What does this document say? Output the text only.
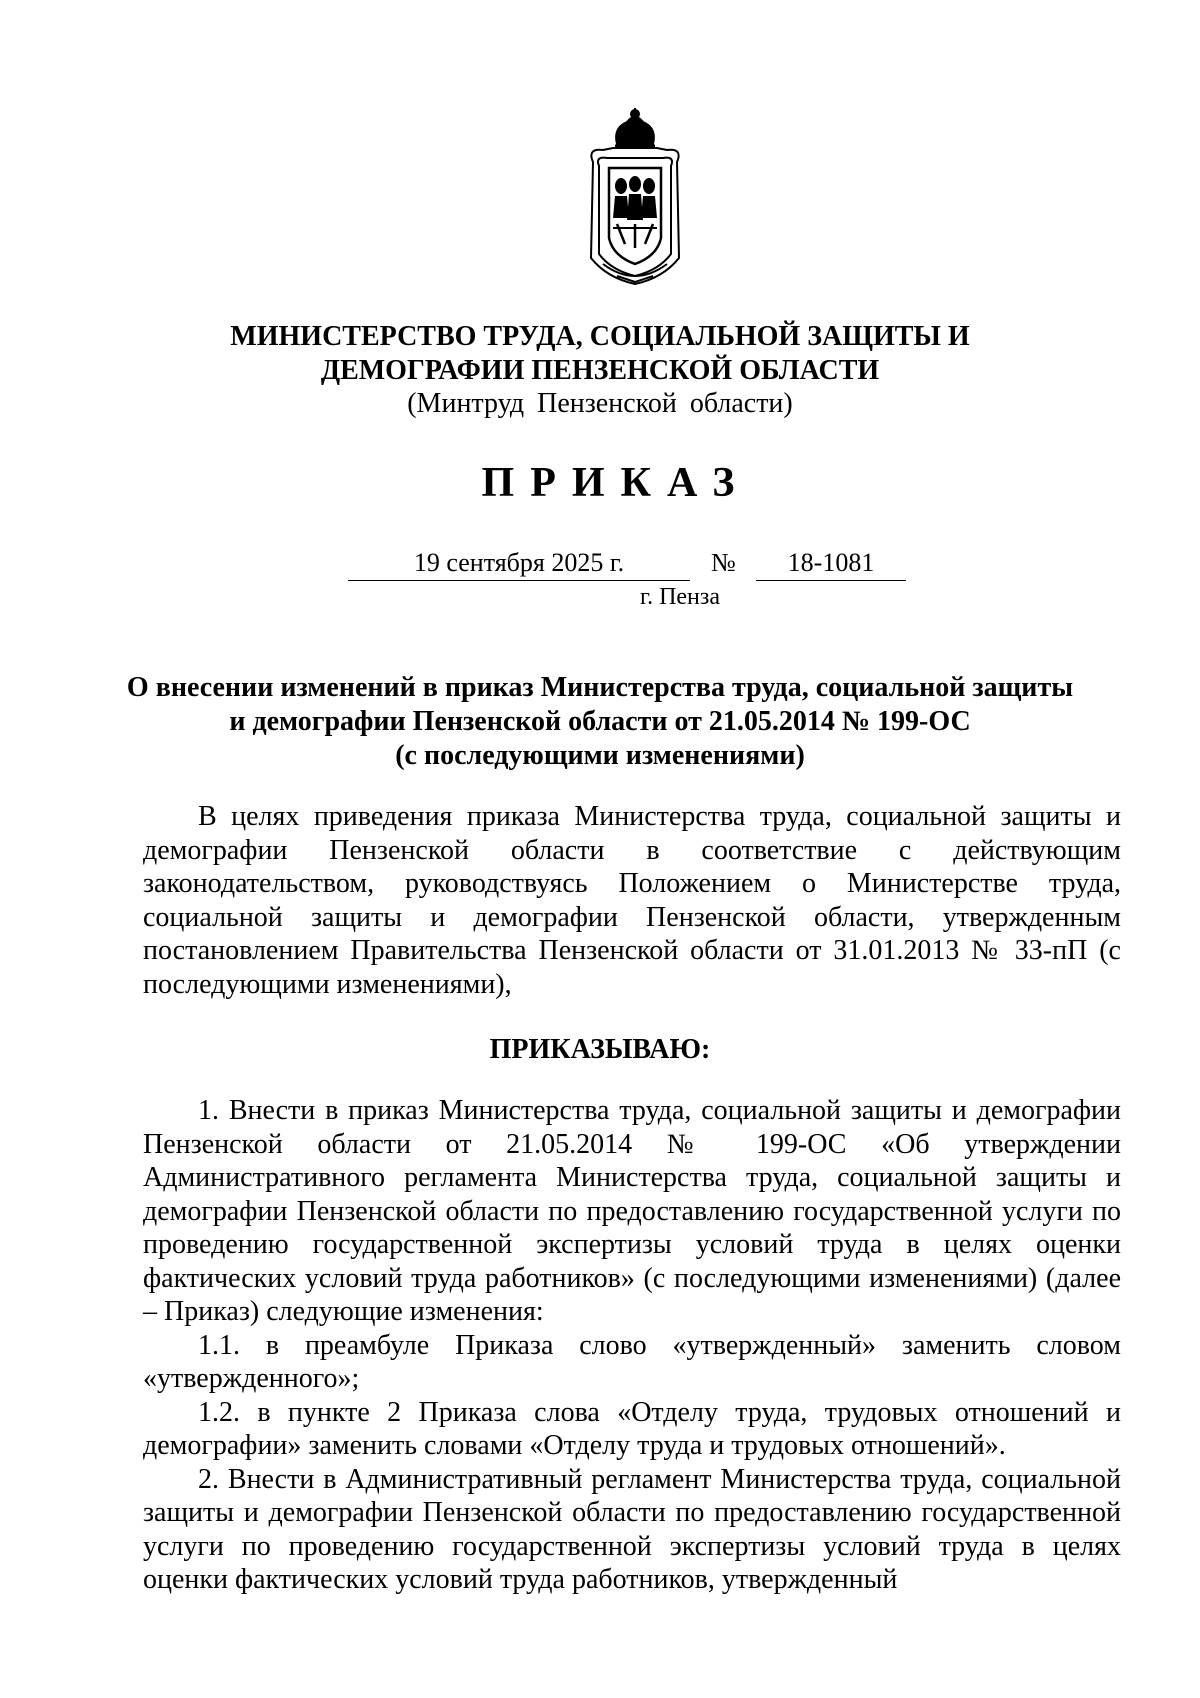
МИНИСТЕРСТВО ТРУДА, СОЦИАЛЬНОЙ ЗАЩИТЫ И
ДЕМОГРАФИИ ПЕНЗЕНСКОЙ ОБЛАСТИ
(Минтруд Пензенской области)
ПРИКАЗ
19 сентября 2025 г.	№	18-1081
г. Пенза
О внесении изменений в приказ Министерства труда, социальной защиты
и демографии Пензенской области от 21.05.2014 № 199-ОС
(с последующими изменениями)

В целях приведения приказа Министерства труда, социальной защиты и демографии Пензенской области в соответствие с действующим законодательством, руководствуясь Положением о Министерстве труда, социальной защиты и демографии Пензенской области, утвержденным постановлением Правительства Пензенской области от 31.01.2013 № 33-пП (с последующими изменениями),

ПРИКАЗЫВАЮ:

1. Внести в приказ Министерства труда, социальной защиты и демографии Пензенской области от 21.05.2014 № 199-ОС «Об утверждении Административного регламента Министерства труда, социальной защиты и демографии Пензенской области по предоставлению государственной услуги по проведению государственной экспертизы условий труда в целях оценки фактических условий труда работников» (с последующими изменениями) (далее – Приказ) следующие изменения:

1.1. в преамбуле Приказа слово «утвержденный» заменить словом «утвержденного»;

1.2. в пункте 2 Приказа слова «Отделу труда, трудовых отношений и демографии» заменить словами «Отделу труда и трудовых отношений».

2. Внести в Административный регламент Министерства труда, социальной защиты и демографии Пензенской области по предоставлению государственной услуги по проведению государственной экспертизы условий труда в целях оценки фактических условий труда работников, утвержденный
